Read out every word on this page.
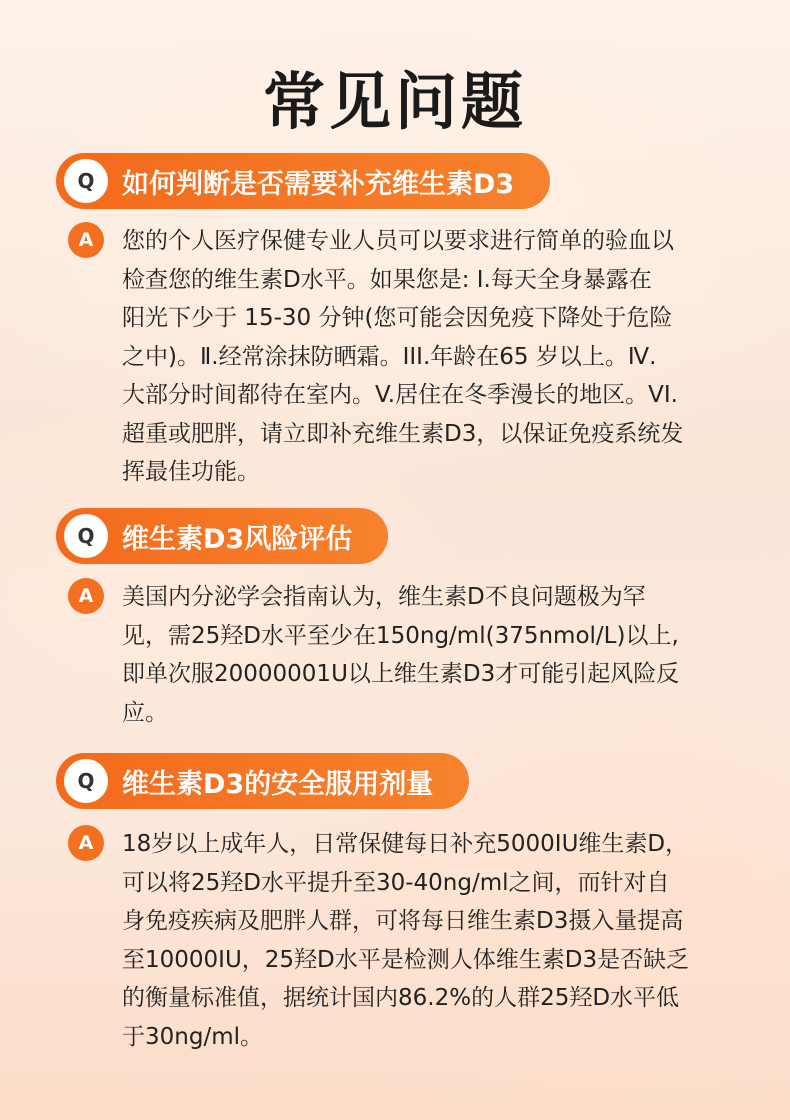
常见问题
Q	如何判断是否需要补充维生素D3
A	您的个人医疗保健专业人员可以要求进行简单的验血以
检查您的维生素D水平。如果您是: Ⅰ.每天全身暴露在
阳光下少于 15-30 分钟(您可能会因免疫下降处于危险
之中)。Ⅱ.经常涂抹防晒霜。III.年龄在65 岁以上。Ⅳ.
大部分时间都待在室内。V.居住在冬季漫长的地区。VI.
超重或肥胖，请立即补充维生素D3，以保证免疫系统发
挥最佳功能。
Q	维生素D3风险评估
A	美国内分泌学会指南认为，维生素D不良问题极为罕
见，需25羟D水平至少在150ng/ml(375nmol/L)以上,
即单次服20000001U以上维生素D3才可能引起风险反
应。
Q	维生素D3的安全服用剂量
A	18岁以上成年人，日常保健每日补充5000IU维生素D，
可以将25羟D水平提升至30-40ng/ml之间，而针对自
身免疫疾病及肥胖人群，可将每日维生素D3摄入量提高
至10000IU，25羟D水平是检测人体维生素D3是否缺乏
的衡量标准值，据统计国内86.2%的人群25羟D水平低
于30ng/ml。
